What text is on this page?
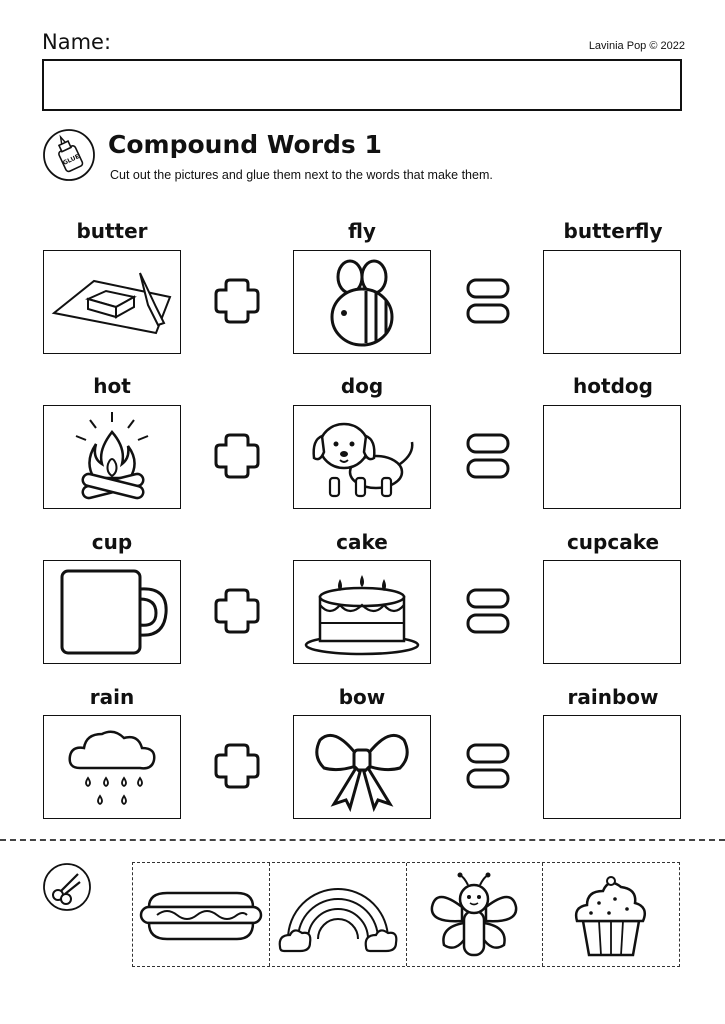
Name:	Lavinia Pop © 2022
GLUE
Compound Words 1
Cut out the pictures and glue them next to the words that make them.
butter	fly	butterfly
hot	dog	hotdog
cup	cake	cupcake
rain	bow	rainbow
